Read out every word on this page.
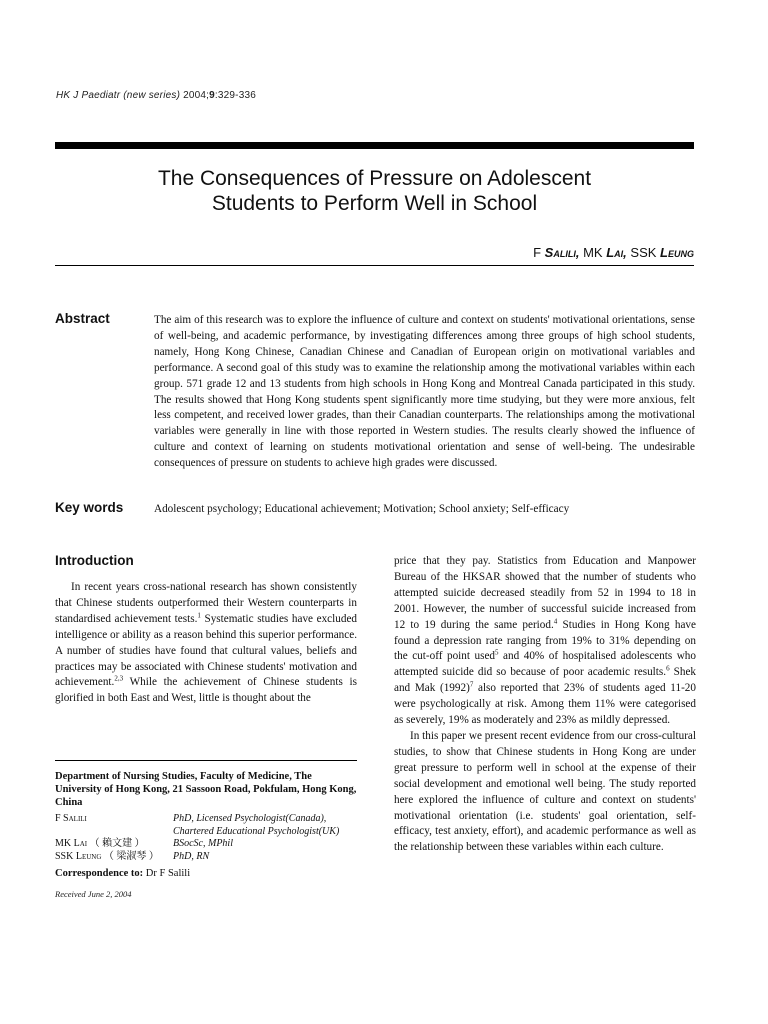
HK J Paediatr (new series) 2004;9:329-336
The Consequences of Pressure on Adolescent
Students to Perform Well in School
F Salili, MK Lai, SSK Leung
Abstract	The aim of this research was to explore the influence of culture and context on students' motivational orientations, sense of well-being, and academic performance, by investigating differences among three groups of high school students, namely, Hong Kong Chinese, Canadian Chinese and Canadian of European origin on motivational variables and performance. A second goal of this study was to examine the relationship among the motivational variables within each group. 571 grade 12 and 13 students from high schools in Hong Kong and Montreal Canada participated in this study. The results showed that Hong Kong students spent significantly more time studying, but they were more anxious, felt less competent, and received lower grades, than their Canadian counterparts. The relationships among the motivational variables were generally in line with those reported in Western studies. The results clearly showed the influence of culture and context of learning on students motivational orientation and sense of well-being. The undesirable consequences of pressure on students to achieve high grades were discussed.

Key words	Adolescent psychology; Educational achievement; Motivation; School anxiety; Self-efficacy
Introduction

In recent years cross-national research has shown consistently that Chinese students outperformed their Western counterparts in standardised achievement tests.$^1$ Systematic studies have excluded intelligence or ability as a reason behind this superior performance. A number of studies have found that cultural values, beliefs and practices may be associated with Chinese students' motivation and achievement.$^{2,3}$ While the achievement of Chinese students is glorified in both East and West, little is thought about the

Department of Nursing Studies, Faculty of Medicine, The University of Hong Kong, 21 Sassoon Road, Pokfulam, Hong Kong, China

F Salili	PhD, Licensed Psychologist(Canada),
Chartered Educational Psychologist(UK)
MK Lai （ 賴文建 ）	BSocSc, MPhil
SSK Leung （ 梁淑琴 ）	PhD, RN
Correspondence to: Dr F Salili
Received June 2, 2004

price that they pay. Statistics from Education and Manpower Bureau of the HKSAR showed that the number of students who attempted suicide decreased steadily from 52 in 1994 to 18 in 2001. However, the number of successful suicide increased from 12 to 19 during the same period.$^4$ Studies in Hong Kong have found a depression rate ranging from 19% to 31% depending on the cut-off point used$^5$ and 40% of hospitalised adolescents who attempted suicide did so because of poor academic results.$^6$ Shek and Mak $(1992)^7$ also reported that 23% of students aged 11-20 were psychologically at risk. Among them 11% were categorised as severely, 19% as moderately and 23% as mildly depressed.

In this paper we present recent evidence from our cross-cultural studies, to show that Chinese students in Hong Kong are under great pressure to perform well in school at the expense of their social development and emotional well being. The study reported here explored the influence of culture and context on students' motivational orientation (i.e. students' goal orientation, self-efficacy, test anxiety, effort), and academic performance as well as the relationship between these variables within each culture.
